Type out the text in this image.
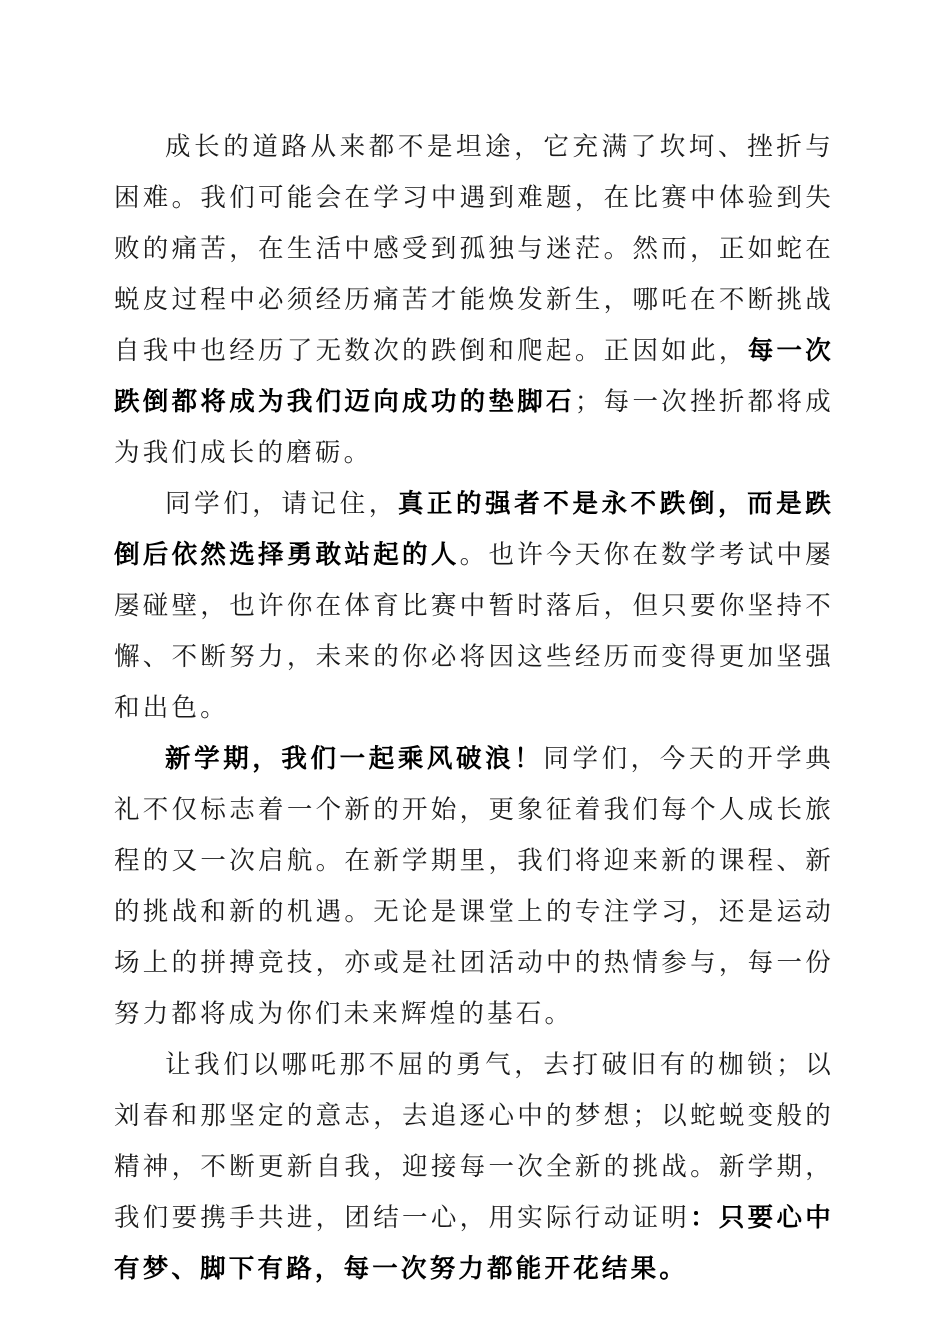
成长的道路从来都不是坦途，它充满了坎坷、挫折与困难。我们可能会在学习中遇到难题，在比赛中体验到失败的痛苦，在生活中感受到孤独与迷茫。然而，正如蛇在蜕皮过程中必须经历痛苦才能焕发新生，哪吒在不断挑战自我中也经历了无数次的跌倒和爬起。正因如此，每一次跌倒都将成为我们迈向成功的垫脚石；每一次挫折都将成为我们成长的磨砺。

同学们，请记住，真正的强者不是永不跌倒，而是跌倒后依然选择勇敢站起的人。也许今天你在数学考试中屡屡碰壁，也许你在体育比赛中暂时落后，但只要你坚持不懈、不断努力，未来的你必将因这些经历而变得更加坚强和出色。

新学期，我们一起乘风破浪！同学们，今天的开学典礼不仅标志着一个新的开始，更象征着我们每个人成长旅程的又一次启航。在新学期里，我们将迎来新的课程、新的挑战和新的机遇。无论是课堂上的专注学习，还是运动场上的拼搏竞技，亦或是社团活动中的热情参与，每一份努力都将成为你们未来辉煌的基石。

让我们以哪吒那不屈的勇气，去打破旧有的枷锁；以刘春和那坚定的意志，去追逐心中的梦想；以蛇蜕变般的精神，不断更新自我，迎接每一次全新的挑战。新学期，我们要携手共进，团结一心，用实际行动证明：只要心中有梦、脚下有路，每一次努力都能开花结果。
